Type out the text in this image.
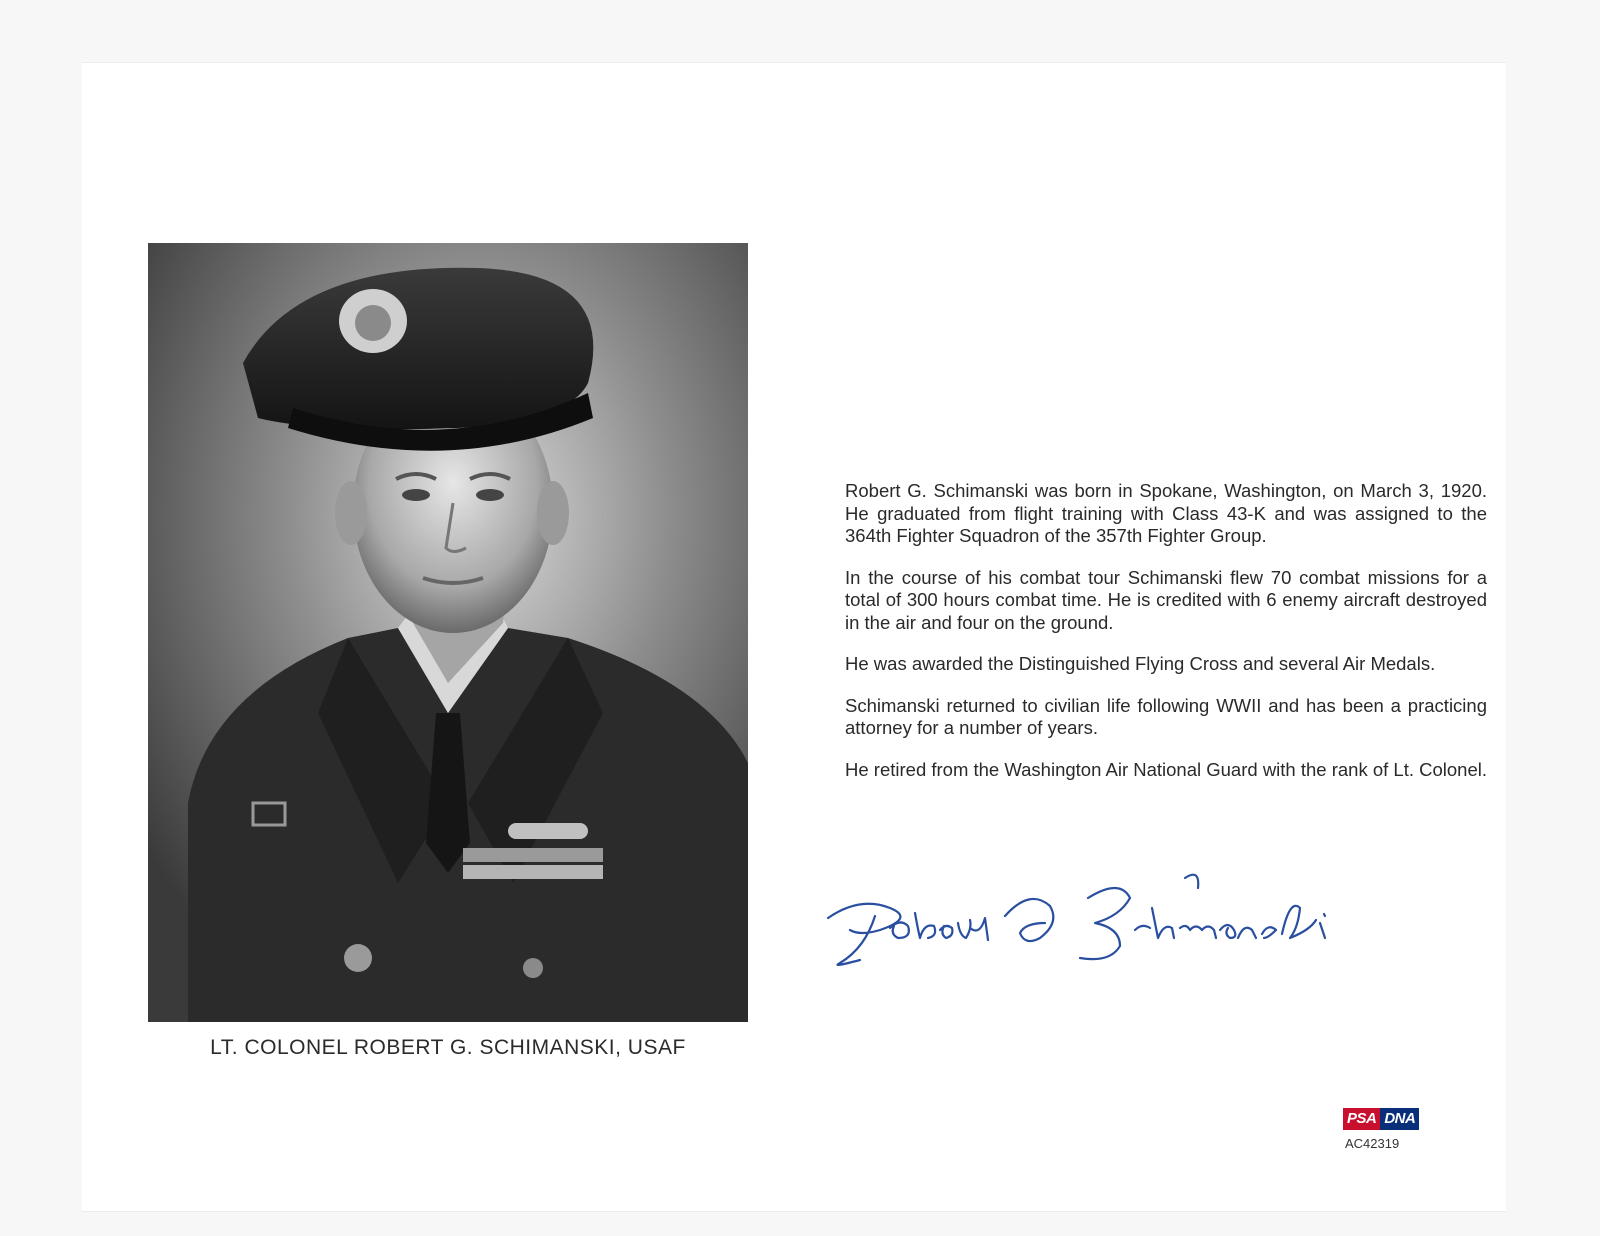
LT. COLONEL ROBERT G. SCHIMANSKI, USAF

Robert G. Schimanski was born in Spokane, Washington, on March 3, 1920. He graduated from flight training with Class 43-K and was assigned to the 364th Fighter Squadron of the 357th Fighter Group.

In the course of his combat tour Schimanski flew 70 combat missions for a total of 300 hours combat time. He is credited with 6 enemy aircraft destroyed in the air and four on the ground.

He was awarded the Distinguished Flying Cross and several Air Medals.

Schimanski returned to civilian life following WWII and has been a practicing attorney for a number of years.

He retired from the Washington Air National Guard with the rank of Lt. Colonel.

PSA DNA
AC42319
